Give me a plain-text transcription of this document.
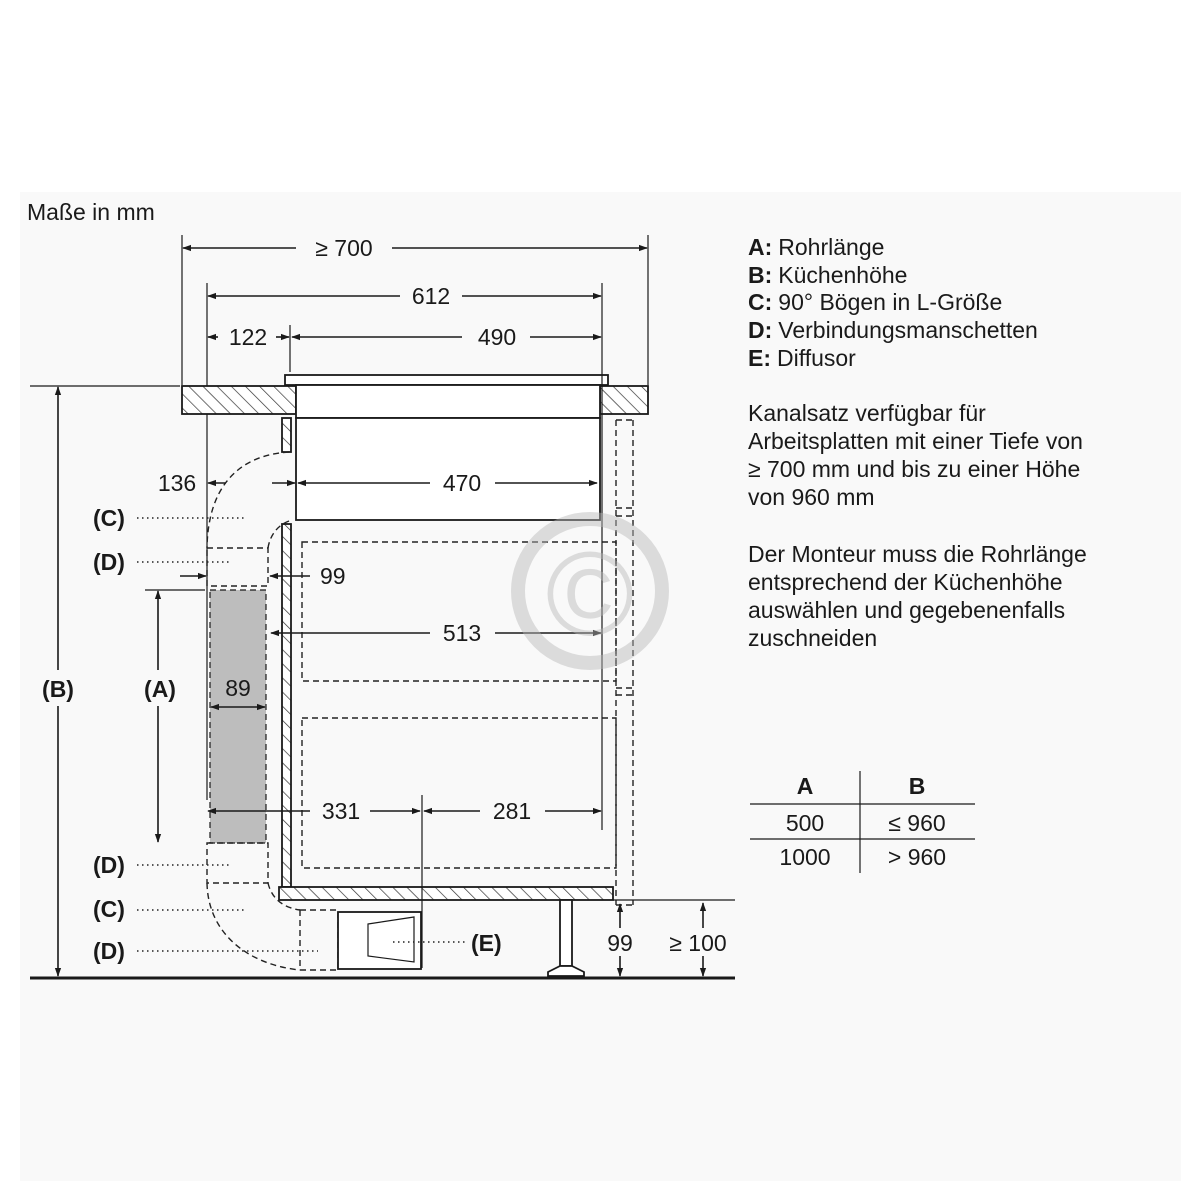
Maße in mm
≥ 700
612
122	490
136	470
99
513
89
331	281
(A)
(B)
(C)
(D)
(D)
(C)
(D)	(E)	99 ≥ 100
©
A: Rohrlänge
B: Küchenhöhe
C: 90° Bögen in L-Größe
D: Verbindungsmanschetten
E: Diffusor
Kanalsatz verfügbar für
Arbeitsplatten mit einer Tiefe von
≥ 700 mm und bis zu einer Höhe
von 960 mm
Der Monteur muss die Rohrlänge
entsprechend der Küchenhöhe
auswählen und gegebenenfalls
zuschneiden
A	B
500	≤ 960
1000 > 960
